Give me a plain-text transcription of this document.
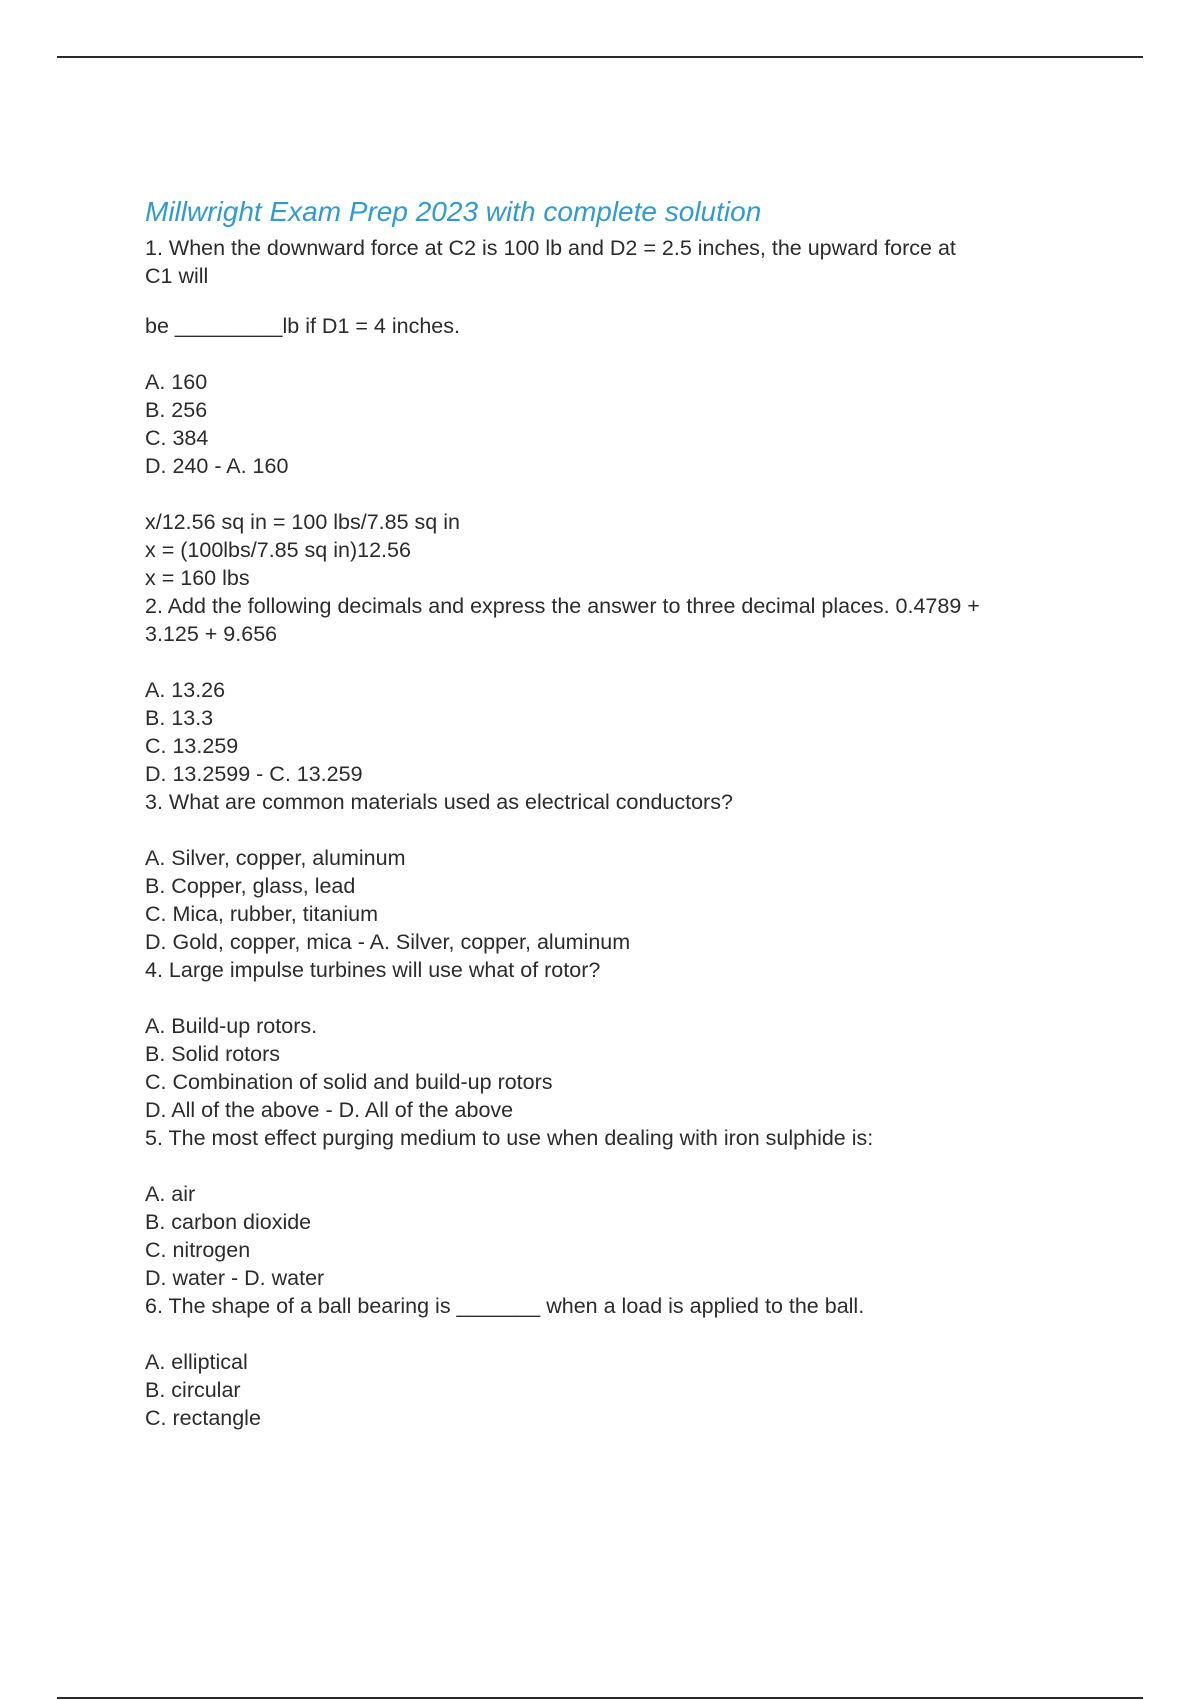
Millwright Exam Prep 2023 with complete solution
1. When the downward force at C2 is 100 lb and D2 = 2.5 inches, the upward force at
C1 will
be _________lb if D1 = 4 inches.
A. 160
B. 256
C. 384
D. 240 - A. 160
x/12.56 sq in = 100 lbs/7.85 sq in
x = (100lbs/7.85 sq in)12.56
x = 160 lbs
2. Add the following decimals and express the answer to three decimal places. 0.4789 +
3.125 + 9.656
A. 13.26
B. 13.3
C. 13.259
D. 13.2599 - C. 13.259
3. What are common materials used as electrical conductors?
A. Silver, copper, aluminum
B. Copper, glass, lead
C. Mica, rubber, titanium
D. Gold, copper, mica - A. Silver, copper, aluminum
4. Large impulse turbines will use what of rotor?
A. Build-up rotors.
B. Solid rotors
C. Combination of solid and build-up rotors
D. All of the above - D. All of the above
5. The most effect purging medium to use when dealing with iron sulphide is:
A. air
B. carbon dioxide
C. nitrogen
D. water - D. water
6. The shape of a ball bearing is _______ when a load is applied to the ball.
A. elliptical
B. circular
C. rectangle
